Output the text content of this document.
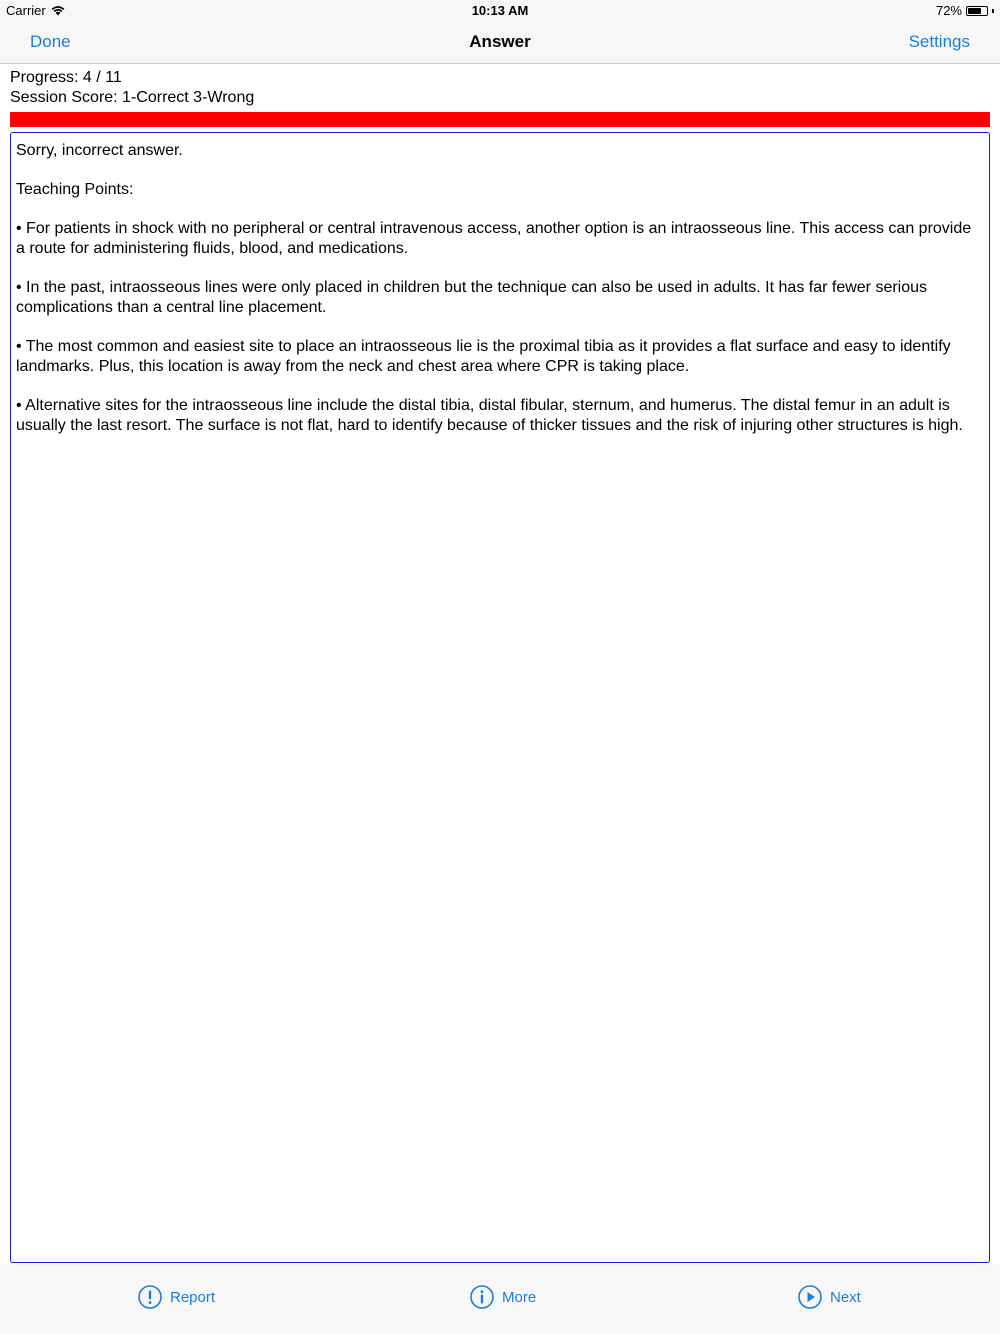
Carrier	10:13 AM	72%
Done	Answer	Settings
Progress: 4 / 11
Session Score: 1-Correct 3-Wrong

Sorry, incorrect answer.

Teaching Points:

• For patients in shock with no peripheral or central intravenous access, another option is an intraosseous line. This access can provide a route for administering fluids, blood, and medications.

• In the past, intraosseous lines were only placed in children but the technique can also be used in adults. It has far fewer serious complications than a central line placement.

• The most common and easiest site to place an intraosseous lie is the proximal tibia as it provides a flat surface and easy to identify landmarks. Plus, this location is away from the neck and chest area where CPR is taking place.

• Alternative sites for the intraosseous line include the distal tibia, distal fibular, sternum, and humerus. The distal femur in an adult is usually the last resort. The surface is not flat, hard to identify because of thicker tissues and the risk of injuring other structures is high.

Report	More	Next
